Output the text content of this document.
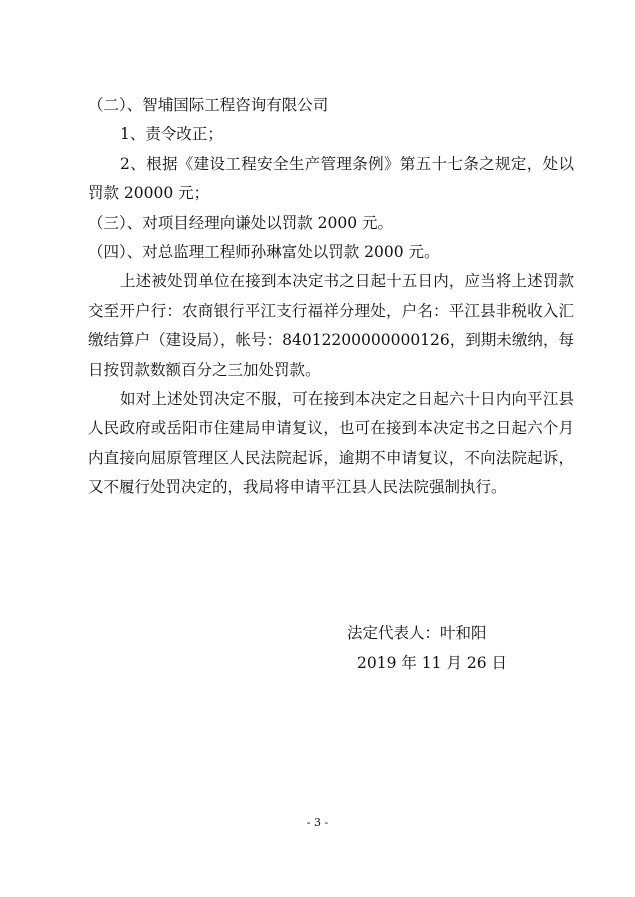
（二）、智埔国际工程咨询有限公司

1、责令改正；

2、根据《建设工程安全生产管理条例》第五十七条之规定，处以罚款 20000 元；

（三）、对项目经理向谦处以罚款 2000 元。

（四）、对总监理工程师孙琳富处以罚款 2000 元。

上述被处罚单位在接到本决定书之日起十五日内，应当将上述罚款交至开户行：农商银行平江支行福祥分理处，户名：平江县非税收入汇缴结算户（建设局），帐号：84012200000000126，到期未缴纳，每日按罚款数额百分之三加处罚款。

如对上述处罚决定不服，可在接到本决定之日起六十日内向平江县人民政府或岳阳市住建局申请复议，也可在接到本决定书之日起六个月内直接向屈原管理区人民法院起诉，逾期不申请复议，不向法院起诉，又不履行处罚决定的，我局将申请平江县人民法院强制执行。

法定代表人：叶和阳
2019 年 11 月 26 日
- 3 -
